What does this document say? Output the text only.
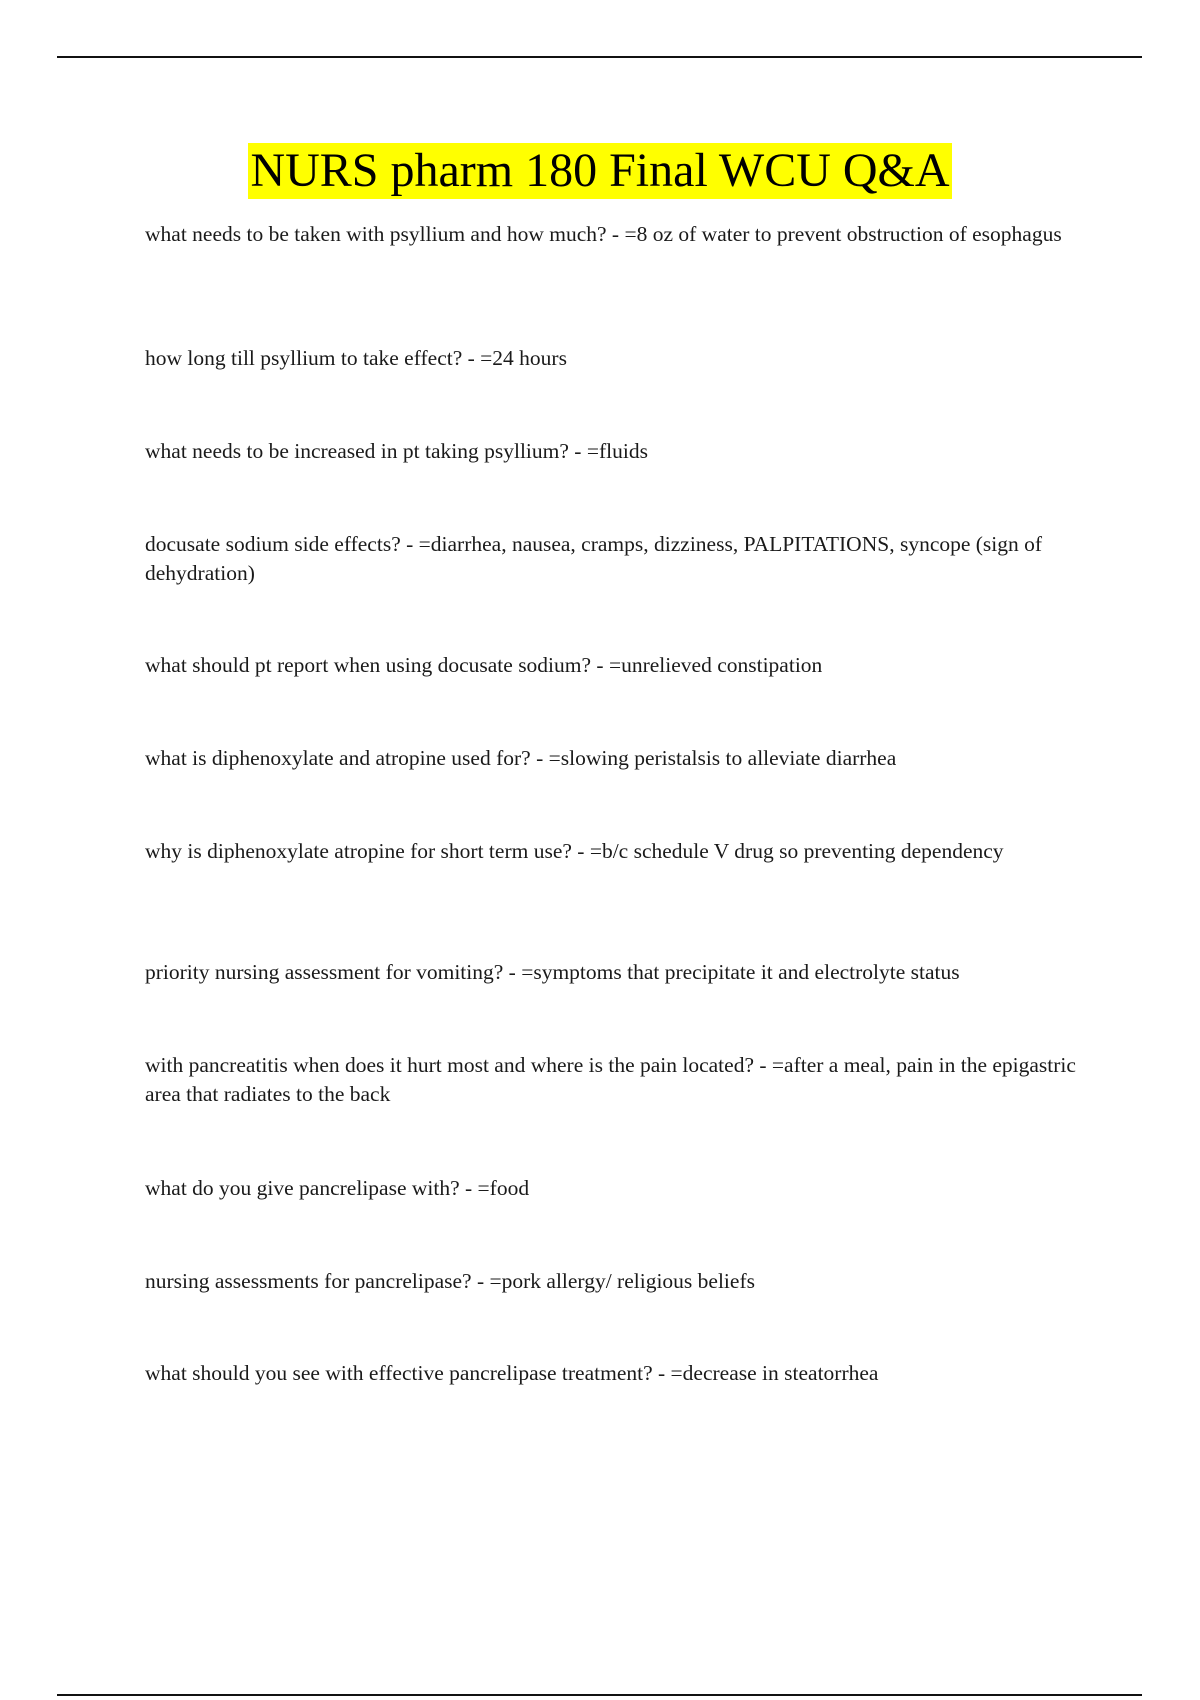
NURS pharm 180 Final WCU Q&A

what needs to be taken with psyllium and how much? - =8 oz of water to prevent obstruction of esophagus

how long till psyllium to take effect? - =24 hours

what needs to be increased in pt taking psyllium? - =fluids

docusate sodium side effects? - =diarrhea, nausea, cramps, dizziness, PALPITATIONS, syncope (sign of dehydration)

what should pt report when using docusate sodium? - =unrelieved constipation

what is diphenoxylate and atropine used for? - =slowing peristalsis to alleviate diarrhea

why is diphenoxylate atropine for short term use? - =b/c schedule V drug so preventing dependency

priority nursing assessment for vomiting? - =symptoms that precipitate it and electrolyte status

with pancreatitis when does it hurt most and where is the pain located? - =after a meal, pain in the epigastric area that radiates to the back

what do you give pancrelipase with? - =food

nursing assessments for pancrelipase? - =pork allergy/ religious beliefs

what should you see with effective pancrelipase treatment? - =decrease in steatorrhea
